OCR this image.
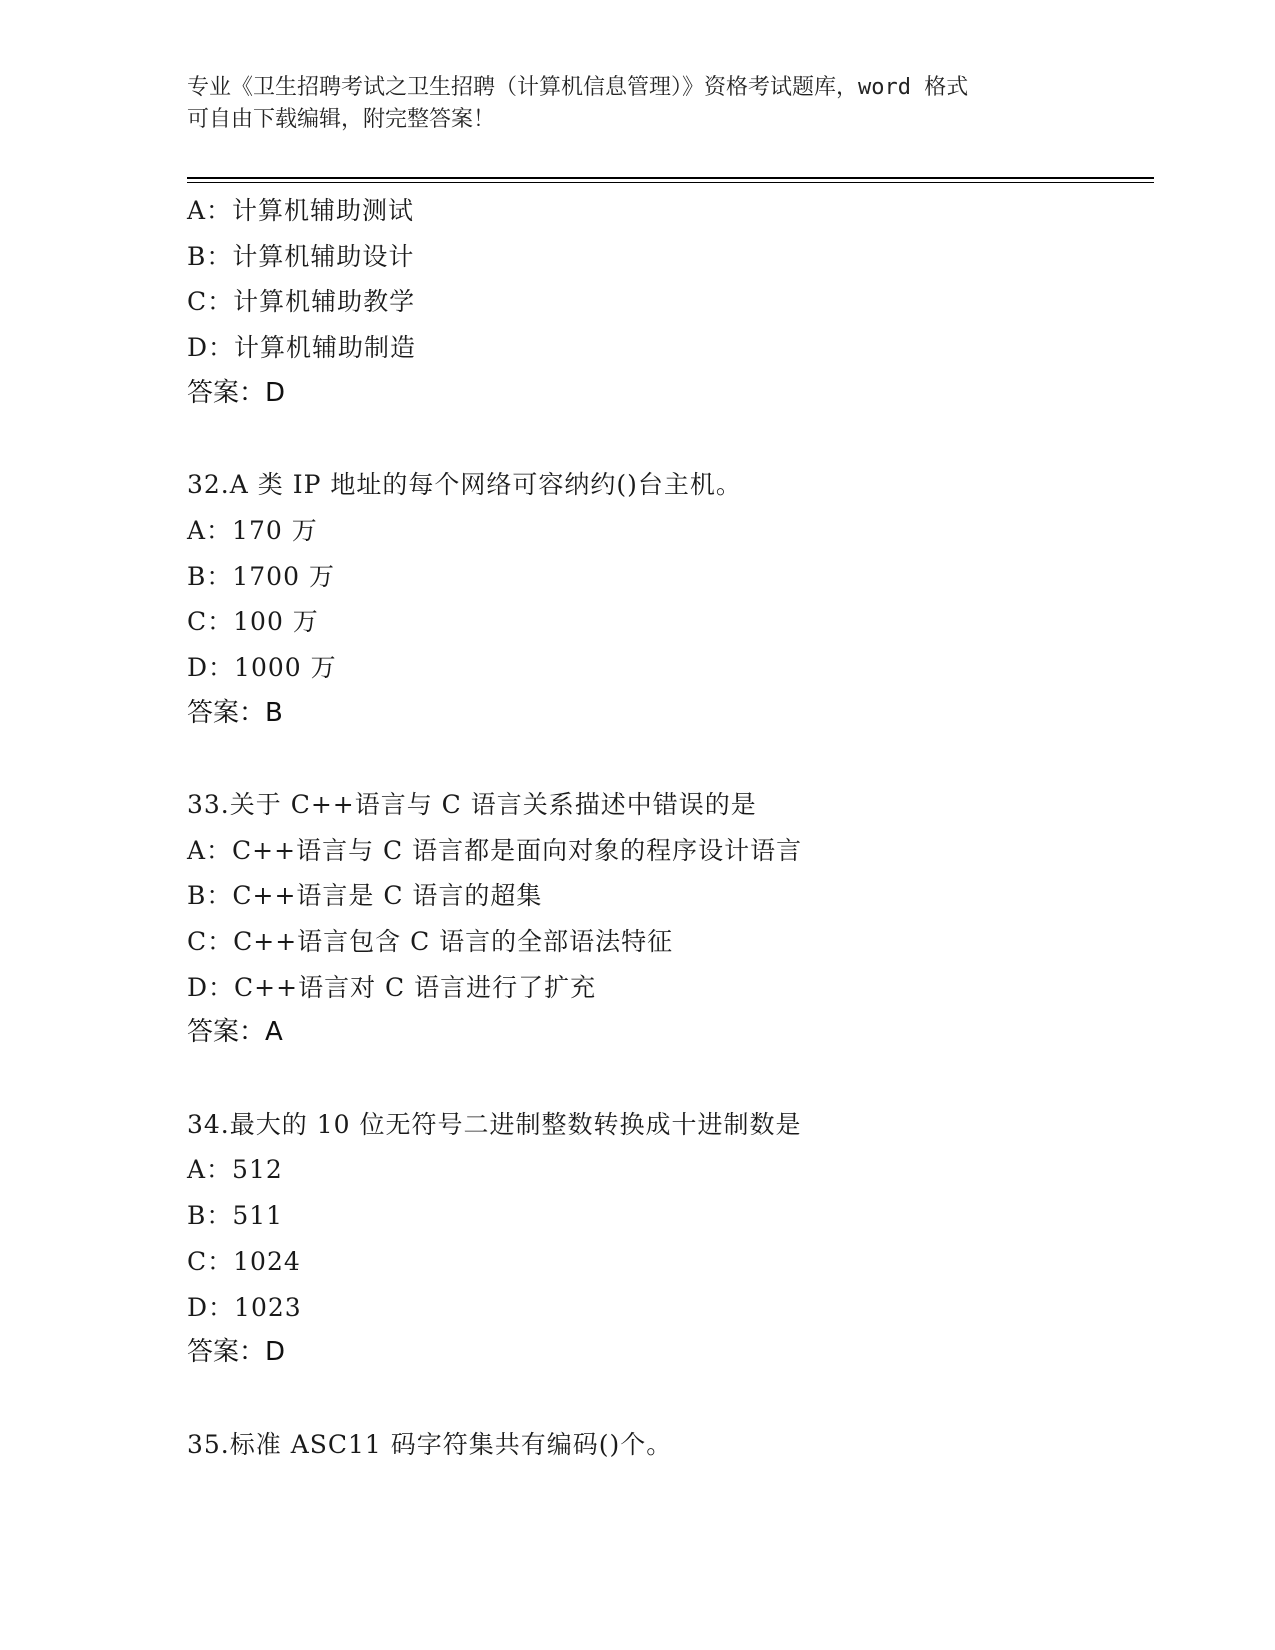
专业《卫生招聘考试之卫生招聘（计算机信息管理）》资格考试题库，word 格式
可自由下载编辑，附完整答案！
A：计算机辅助测试
B：计算机辅助设计
C：计算机辅助教学
D：计算机辅助制造
答案：D
32.A 类 IP 地址的每个网络可容纳约()台主机。
A：170 万
B：1700 万
C：100 万
D：1000 万
答案：B
33.关于 C++语言与 C 语言关系描述中错误的是
A：C++语言与 C 语言都是面向对象的程序设计语言
B：C++语言是 C 语言的超集
C：C++语言包含 C 语言的全部语法特征
D：C++语言对 C 语言进行了扩充
答案：A
34.最大的 10 位无符号二进制整数转换成十进制数是
A：512
B：511
C：1024
D：1023
答案：D
35.标准 ASC11 码字符集共有编码()个。
